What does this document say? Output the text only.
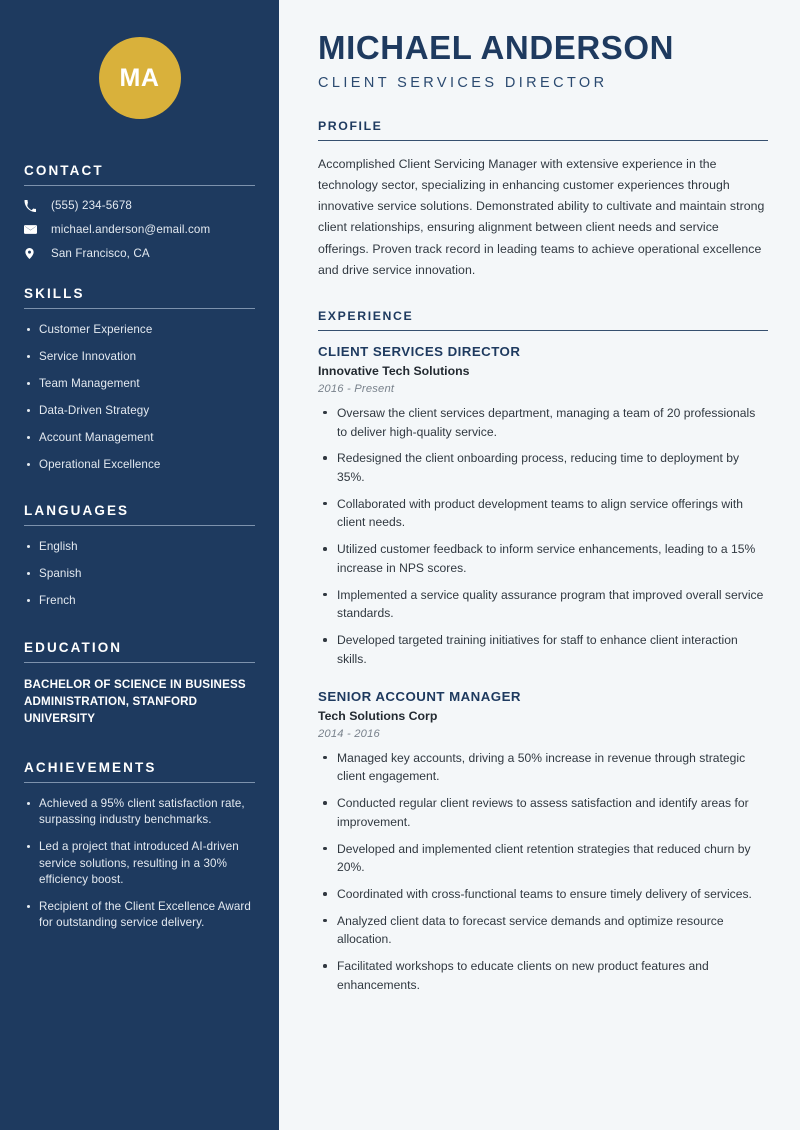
MA
CONTACT
(555) 234-5678
michael.anderson@email.com
San Francisco, CA
SKILLS
Customer Experience
Service Innovation
Team Management
Data-Driven Strategy
Account Management
Operational Excellence
LANGUAGES
English
Spanish
French
EDUCATION
BACHELOR OF SCIENCE IN BUSINESS ADMINISTRATION, STANFORD UNIVERSITY
ACHIEVEMENTS
Achieved a 95% client satisfaction rate, surpassing industry benchmarks.
Led a project that introduced AI-driven service solutions, resulting in a 30% efficiency boost.
Recipient of the Client Excellence Award for outstanding service delivery.
MICHAEL ANDERSON
CLIENT SERVICES DIRECTOR
PROFILE

Accomplished Client Servicing Manager with extensive experience in the technology sector, specializing in enhancing customer experiences through innovative service solutions. Demonstrated ability to cultivate and maintain strong client relationships, ensuring alignment between client needs and service offerings. Proven track record in leading teams to achieve operational excellence and drive service innovation.

EXPERIENCE
CLIENT SERVICES DIRECTOR
Innovative Tech Solutions
2016 - Present
Oversaw the client services department, managing a team of 20 professionals to deliver high-quality service.
Redesigned the client onboarding process, reducing time to deployment by 35%.
Collaborated with product development teams to align service offerings with client needs.
Utilized customer feedback to inform service enhancements, leading to a 15% increase in NPS scores.
Implemented a service quality assurance program that improved overall service standards.
Developed targeted training initiatives for staff to enhance client interaction skills.
SENIOR ACCOUNT MANAGER
Tech Solutions Corp
2014 - 2016
Managed key accounts, driving a 50% increase in revenue through strategic client engagement.
Conducted regular client reviews to assess satisfaction and identify areas for improvement.
Developed and implemented client retention strategies that reduced churn by 20%.
Coordinated with cross-functional teams to ensure timely delivery of services.
Analyzed client data to forecast service demands and optimize resource allocation.
Facilitated workshops to educate clients on new product features and enhancements.
